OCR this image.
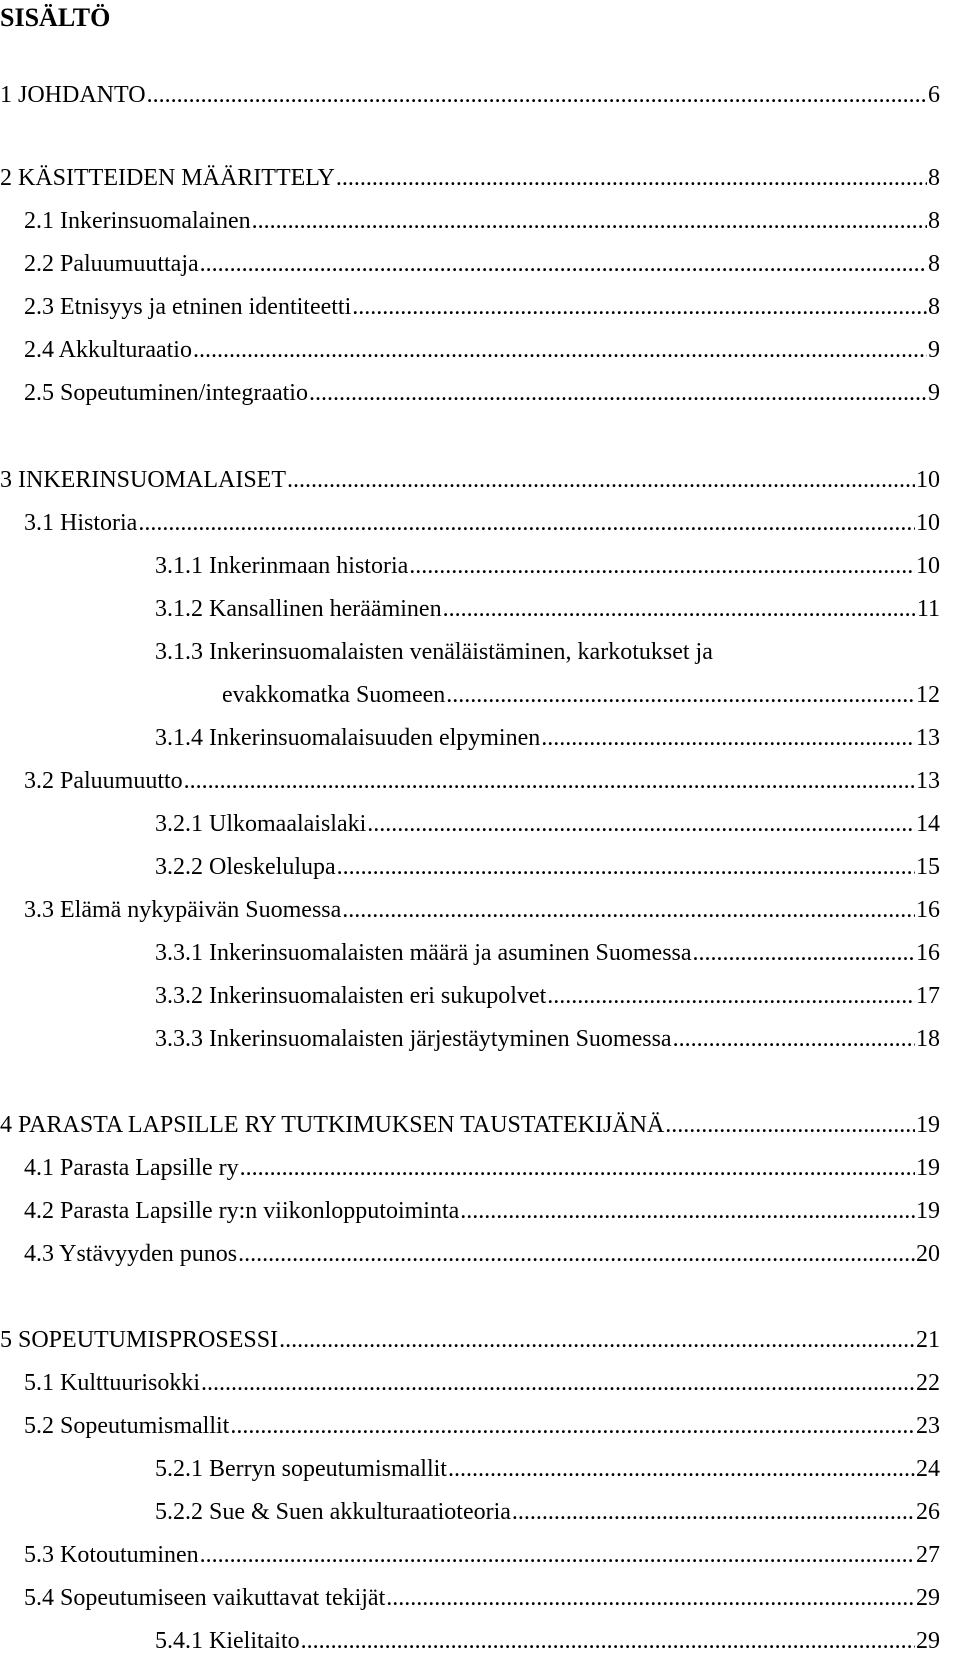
SISÄLTÖ
1 JOHDANTO .....	6
2 KÄSITTEIDEN MÄÄRITTELY .....	8
2.1 Inkerinsuomalainen .....	8
2.2 Paluumuuttaja .....	8
2.3 Etnisyys ja etninen identiteetti .....	8
2.4 Akkulturaatio .....	9
2.5 Sopeutuminen/integraatio .....	9
3 INKERINSUOMALAISET .....	10
3.1 Historia .....	10
3.1.1 Inkerinmaan historia .....	10
3.1.2 Kansallinen herääminen .....	11
3.1.3 Inkerinsuomalaisten venäläistäminen, karkotukset ja
evakkomatka Suomeen .....	12
3.1.4 Inkerinsuomalaisuuden elpyminen .....	13
3.2 Paluumuutto .....	13
3.2.1 Ulkomaalaislaki .....	14
3.2.2 Oleskelulupa .....	15
3.3 Elämä nykypäivän Suomessa .....	16
3.3.1 Inkerinsuomalaisten määrä ja asuminen Suomessa .....	16
3.3.2 Inkerinsuomalaisten eri sukupolvet .....	17
3.3.3 Inkerinsuomalaisten järjestäytyminen Suomessa .....	18
4 PARASTA LAPSILLE RY TUTKIMUKSEN TAUSTATEKIJÄNÄ .....	19
4.1 Parasta Lapsille ry .....	19
4.2 Parasta Lapsille ry:n viikonlopputoiminta .....	19
4.3 Ystävyyden punos .....	20
5 SOPEUTUMISPROSESSI .....	21
5.1 Kulttuurisokki .....	22
5.2 Sopeutumismallit .....	23
5.2.1 Berryn sopeutumismallit .....	24
5.2.2 Sue & Suen akkulturaatioteoria .....	26
5.3 Kotoutuminen .....	27
5.4 Sopeutumiseen vaikuttavat tekijät .....	29
5.4.1 Kielitaito .....	29
